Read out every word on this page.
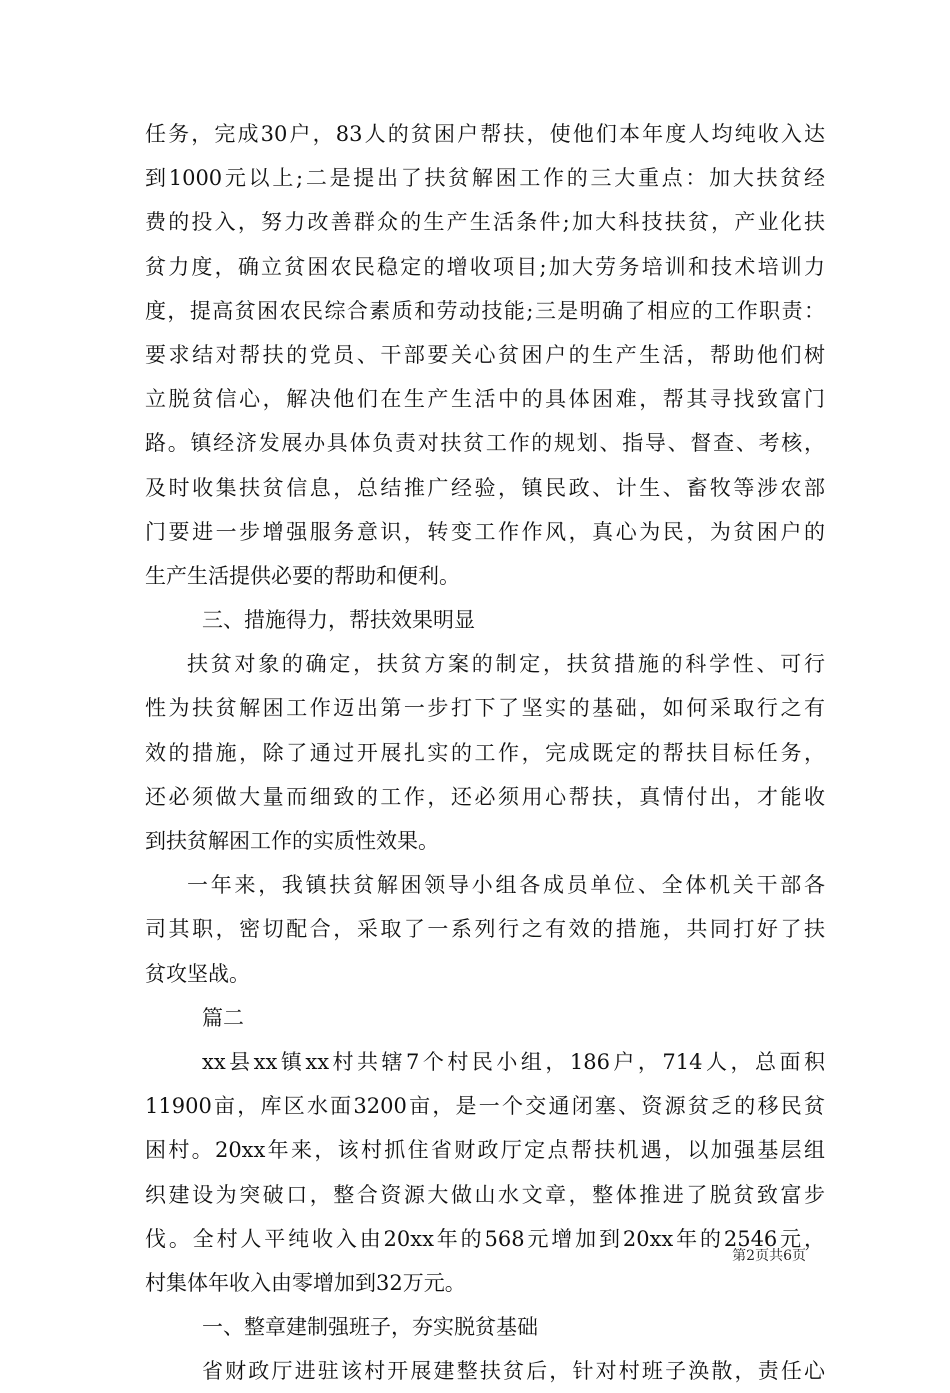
任务，完成30户，83人的贫困户帮扶，使他们本年度人均纯收入达
到1000元以上;二是提出了扶贫解困工作的三大重点：加大扶贫经
费的投入，努力改善群众的生产生活条件;加大科技扶贫，产业化扶
贫力度，确立贫困农民稳定的增收项目;加大劳务培训和技术培训力
度，提高贫困农民综合素质和劳动技能;三是明确了相应的工作职责：
要求结对帮扶的党员、干部要关心贫困户的生产生活，帮助他们树
立脱贫信心，解决他们在生产生活中的具体困难，帮其寻找致富门
路。镇经济发展办具体负责对扶贫工作的规划、指导、督查、考核，
及时收集扶贫信息，总结推广经验，镇民政、计生、畜牧等涉农部
门要进一步增强服务意识，转变工作作风，真心为民，为贫困户的
生产生活提供必要的帮助和便利。
三、措施得力，帮扶效果明显
扶贫对象的确定，扶贫方案的制定，扶贫措施的科学性、可行
性为扶贫解困工作迈出第一步打下了坚实的基础，如何采取行之有
效的措施，除了通过开展扎实的工作，完成既定的帮扶目标任务，
还必须做大量而细致的工作，还必须用心帮扶，真情付出，才能收
到扶贫解困工作的实质性效果。
一年来，我镇扶贫解困领导小组各成员单位、全体机关干部各
司其职，密切配合，采取了一系列行之有效的措施，共同打好了扶
贫攻坚战。
篇二
xx县xx镇xx村共辖7个村民小组，186户，714人，总面积
11900亩，库区水面3200亩，是一个交通闭塞、资源贫乏的移民贫
困村。20xx年来，该村抓住省财政厅定点帮扶机遇，以加强基层组
织建设为突破口，整合资源大做山水文章，整体推进了脱贫致富步
伐。全村人平纯收入由20xx年的568元增加到20xx年的2546元，
村集体年收入由零增加到32万元。
一、整章建制强班子，夯实脱贫基础
省财政厅进驻该村开展建整扶贫后，针对村班子涣散，责任心
第2页共6页
